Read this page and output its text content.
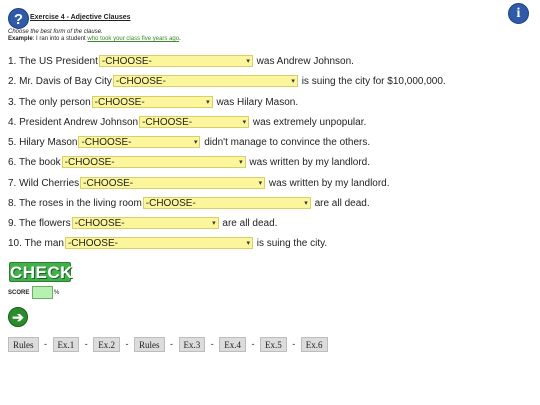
?	i
Exercise 4 - Adjective Clauses
Choose the best form of the clause.
Example: I ran into a student who took your class five years ago.
1. The US President -CHOOSE-	▾ was Andrew Johnson.
2. Mr. Davis of Bay City -CHOOSE-	▾ is suing the city for $10,000,000.
3. The only person -CHOOSE-	▾ was Hilary Mason.
4. President Andrew Johnson -CHOOSE-	▾ was extremely unpopular.
5. Hilary Mason -CHOOSE-	▾ didn't manage to convince the others.
6. The book -CHOOSE-	▾ was written by my landlord.
7. Wild Cherries -CHOOSE-	▾ was written by my landlord.
8. The roses in the living room -CHOOSE-	▾ are all dead.
9. The flowers -CHOOSE-	▾ are all dead.
10. The man -CHOOSE-	▾ is suing the city.
CHECK
SCORE	%
➔
Rules - Ex.1 - Ex.2 - Rules - Ex.3 - Ex.4 - Ex.5 - Ex.6
